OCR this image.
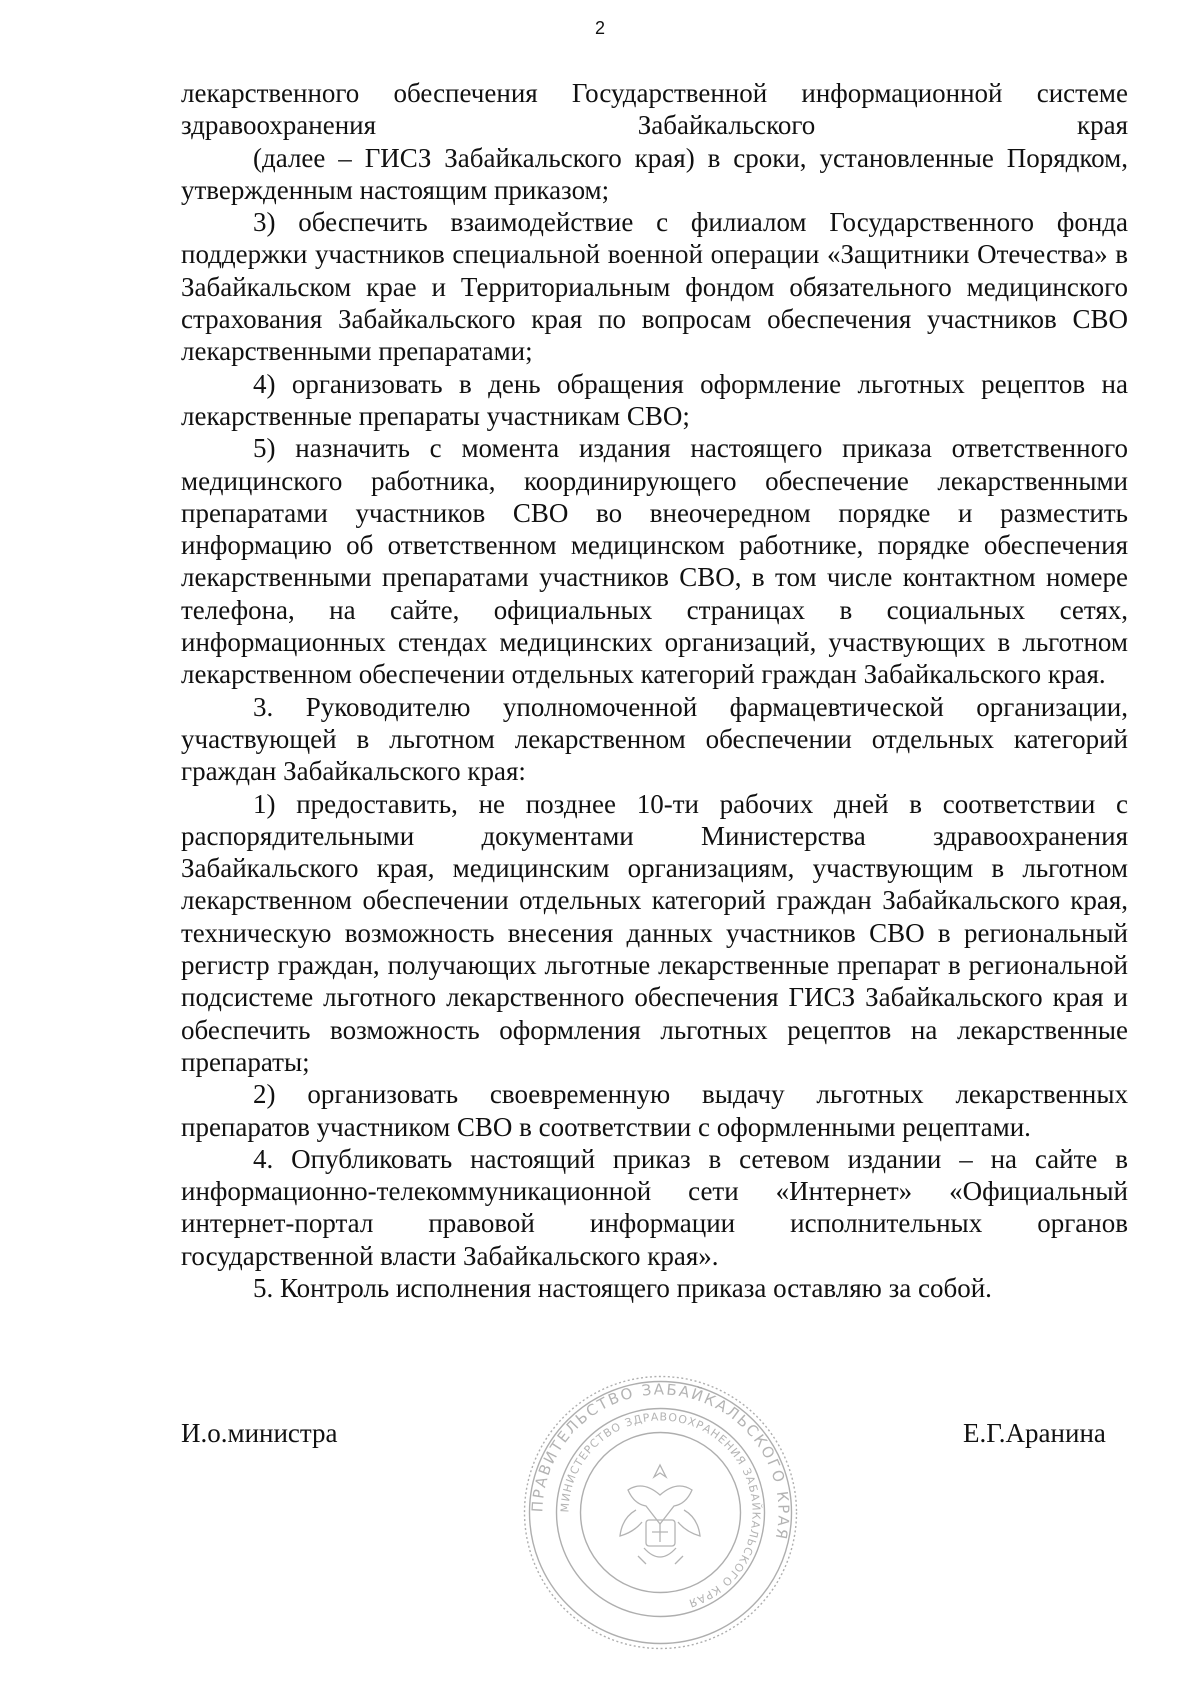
2

лекарственного обеспечения Государственной информационной системе здравоохранения Забайкальского края

(далее – ГИСЗ Забайкальского края) в сроки, установленные Порядком, утвержденным настоящим приказом;

3) обеспечить взаимодействие с филиалом Государственного фонда поддержки участников специальной военной операции «Защитники Отечества» в Забайкальском крае и Территориальным фондом обязательного медицинского страхования Забайкальского края по вопросам обеспечения участников СВО лекарственными препаратами;

4) организовать в день обращения оформление льготных рецептов на лекарственные препараты участникам СВО;

5) назначить с момента издания настоящего приказа ответственного медицинского работника, координирующего обеспечение лекарственными препаратами участников СВО во внеочередном порядке и разместить информацию об ответственном медицинском работнике, порядке обеспечения лекарственными препаратами участников СВО, в том числе контактном номере телефона, на сайте, официальных страницах в социальных сетях, информационных стендах медицинских организаций, участвующих в льготном лекарственном обеспечении отдельных категорий граждан Забайкальского края.

3. Руководителю уполномоченной фармацевтической организации, участвующей в льготном лекарственном обеспечении отдельных категорий граждан Забайкальского края:

1) предоставить, не позднее 10-ти рабочих дней в соответствии с распорядительными документами Министерства здравоохранения Забайкальского края, медицинским организациям, участвующим в льготном лекарственном обеспечении отдельных категорий граждан Забайкальского края, техническую возможность внесения данных участников СВО в региональный регистр граждан, получающих льготные лекарственные препарат в региональной подсистеме льготного лекарственного обеспечения ГИСЗ Забайкальского края и обеспечить возможность оформления льготных рецептов на лекарственные препараты;

2) организовать своевременную выдачу льготных лекарственных препаратов участником СВО в соответствии с оформленными рецептами.

4. Опубликовать настоящий приказ в сетевом издании – на сайте в информационно-телекоммуникационной сети «Интернет» «Официальный интернет-портал правовой информации исполнительных органов государственной власти Забайкальского края».

5. Контроль исполнения настоящего приказа оставляю за собой.

И.о.министра	Е.Г.Аранина
ПРАВИТЕЛЬСТВО ЗАБАЙКАЛЬСКОГО КРАЯ
МИНИСТЕРСТВО ЗДРАВООХРАНЕНИЯ ЗАБАЙКАЛЬСКОГО КРАЯ
